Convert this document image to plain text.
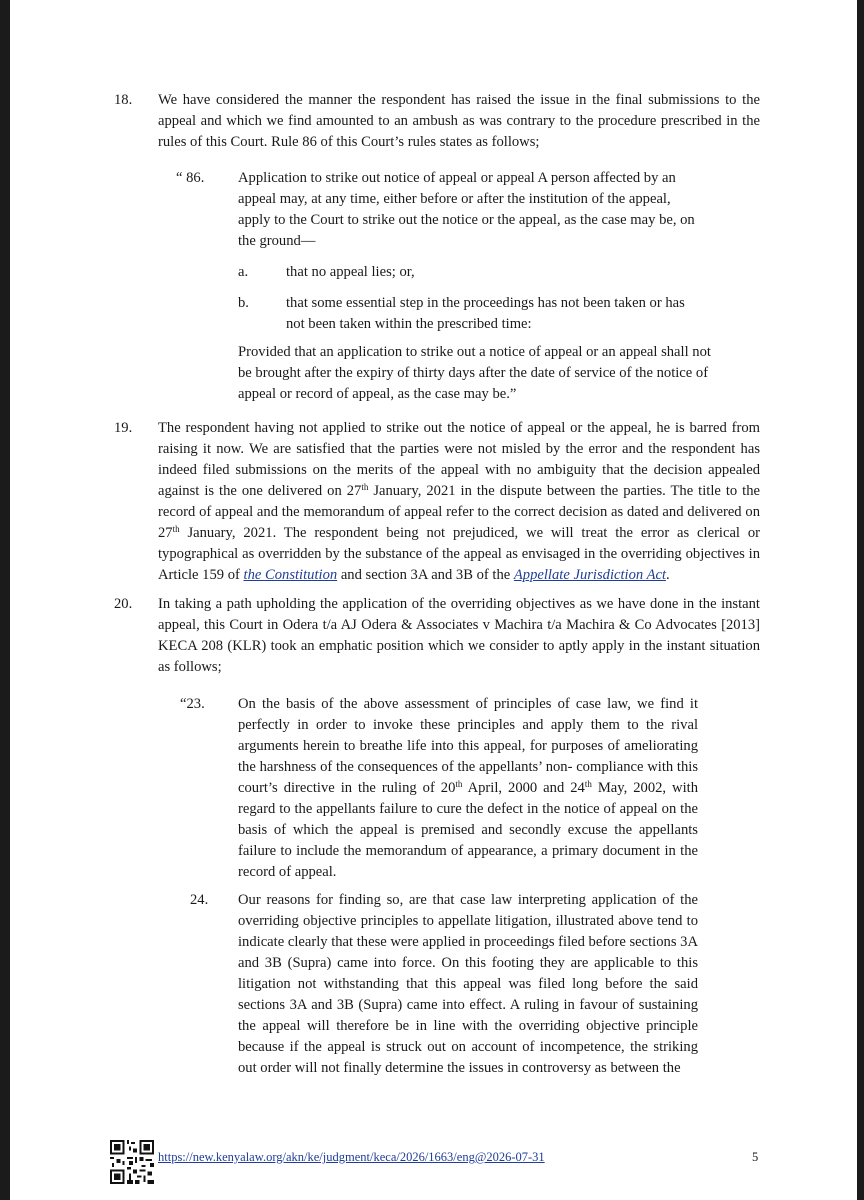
18. We have considered the manner the respondent has raised the issue in the final submissions to the appeal and which we find amounted to an ambush as was contrary to the procedure prescribed in the rules of this Court. Rule 86 of this Court’s rules states as follows;
“ 86. Application to strike out notice of appeal or appeal A person affected by an appeal may, at any time, either before or after the institution of the appeal, apply to the Court to strike out the notice or the appeal, as the case may be, on the ground—
a.	that no appeal lies; or,
b.	that some essential step in the proceedings has not been taken or has not been taken within the prescribed time:
Provided that an application to strike out a notice of appeal or an appeal shall not be brought after the expiry of thirty days after the date of service of the notice of appeal or record of appeal, as the case may be.”
19. The respondent having not applied to strike out the notice of appeal or the appeal, he is barred from raising it now. We are satisfied that the parties were not misled by the error and the respondent has indeed filed submissions on the merits of the appeal with no ambiguity that the decision appealed against is the one delivered on 27th January, 2021 in the dispute between the parties. The title to the record of appeal and the memorandum of appeal refer to the correct decision as dated and delivered on 27th January, 2021. The respondent being not prejudiced, we will treat the error as clerical or typographical as overridden by the substance of the appeal as envisaged in the overriding objectives in Article 159 of the Constitution and section 3A and 3B of the Appellate Jurisdiction Act.
20. In taking a path upholding the application of the overriding objectives as we have done in the instant appeal, this Court in Odera t/a AJ Odera & Associates v Machira t/a Machira & Co Advocates [2013] KECA 208 (KLR) took an emphatic position which we consider to aptly apply in the instant situation as follows;
“23. On the basis of the above assessment of principles of case law, we find it perfectly in order to invoke these principles and apply them to the rival arguments herein to breathe life into this appeal, for purposes of ameliorating the harshness of the consequences of the appellants’ non- compliance with this court’s directive in the ruling of 20th April, 2000 and 24th May, 2002, with regard to the appellants failure to cure the defect in the notice of appeal on the basis of which the appeal is premised and secondly excuse the appellants failure to include the memorandum of appearance, a primary document in the record of appeal.
24. Our reasons for finding so, are that case law interpreting application of the overriding objective principles to appellate litigation, illustrated above tend to indicate clearly that these were applied in proceedings filed before sections 3A and 3B (Supra) came into force. On this footing they are applicable to this litigation not withstanding that this appeal was filed long before the said sections 3A and 3B (Supra) came into effect. A ruling in favour of sustaining the appeal will therefore be in line with the overriding objective principle because if the appeal is struck out on account of incompetence, the striking out order will not finally determine the issues in controversy as between the
https://new.kenyalaw.org/akn/ke/judgment/keca/2026/1663/eng@2026-07-31	5
